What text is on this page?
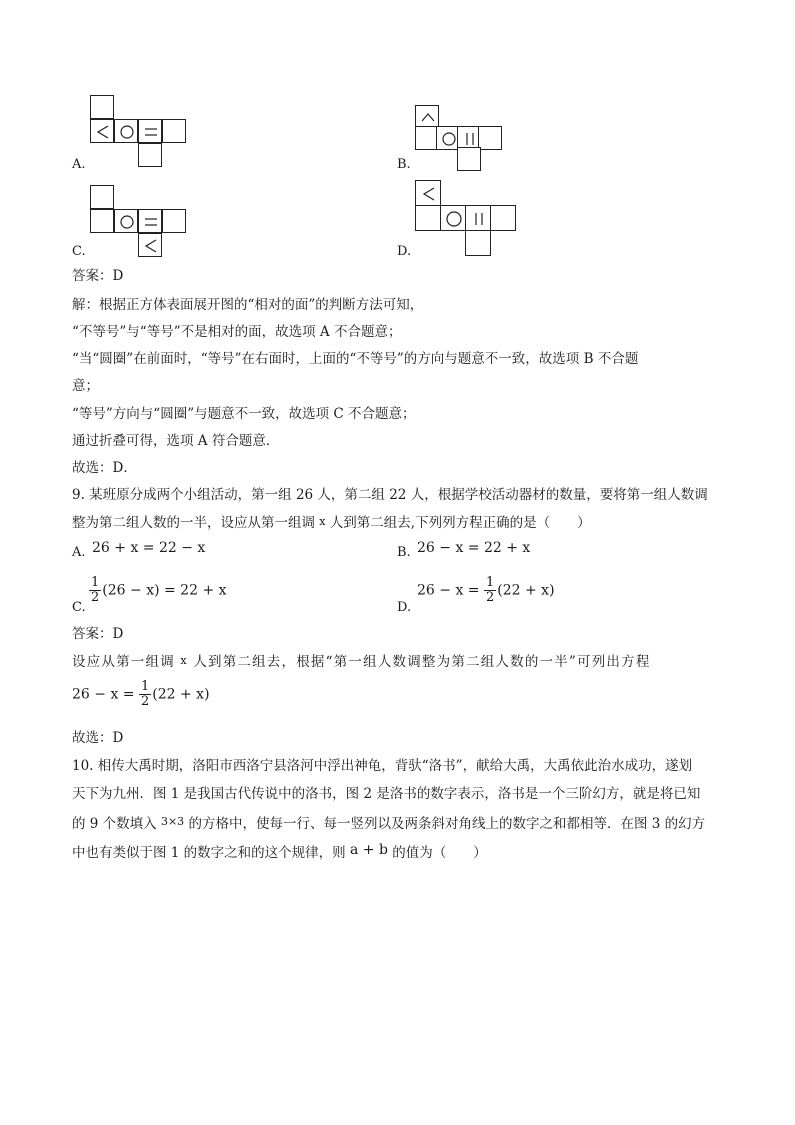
A.	B.
C.	D.
答案：D
解：根据正方体表面展开图的“相对的面”的判断方法可知，
“不等号”与“等号”不是相对的面，故选项 A 不合题意；
“当“圆圈”在前面时，“等号”在右面时，上面的“不等号”的方向与题意不一致，故选项 B 不合题
意；
“等号”方向与“圆圈”与题意不一致，故选项 C 不合题意；
通过折叠可得，选项 A 符合题意．
故选：D．
9. 某班原分成两个小组活动，第一组 26 人，第二组 22 人，根据学校活动器材的数量，要将第一组人数调
整为第二组人数的一半，设应从第一组调 x 人到第二组去,下列列方程正确的是（　　）
A. 26 + x = 22 − x	B. 26 − x = 22 + x
C.
$\frac{1}{2} (26 - x) = 22 + x$
D.
$26 - x = \frac{1}{2} (22 + x)$
答案：D
设应从第一组调 x 人到第二组去，根据“第一组人数调整为第二组人数的一半”可列出方程
$26 - x = \frac{1}{2} (22 + x)$
故选：D
10. 相传大禹时期，洛阳市西洛宁县洛河中浮出神龟，背驮“洛书”，献给大禹，大禹依此治水成功，遂划
天下为九州．图 1 是我国古代传说中的洛书，图 2 是洛书的数字表示，洛书是一个三阶幻方，就是将已知
的 9 个数填入 $^{3\times 3}$ 的方格中，使每一行、每一竖列以及两条斜对角线上的数字之和都相等．在图 3 的幻方
中也有类似于图 1 的数字之和的这个规律，则 a + b 的值为（　　）
